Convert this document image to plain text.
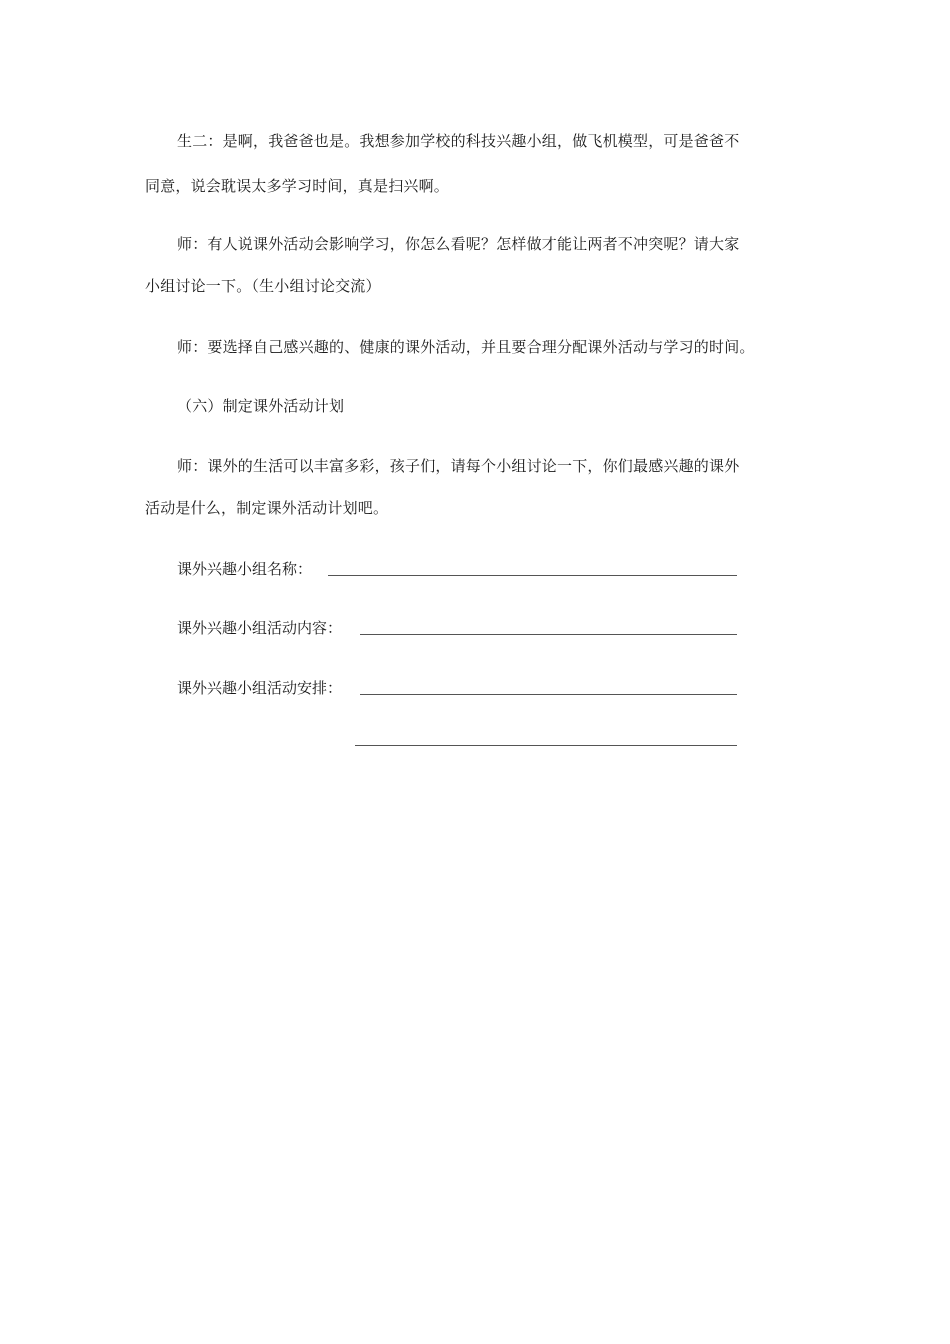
生二：是啊，我爸爸也是。我想参加学校的科技兴趣小组，做飞机模型，可是爸爸不
同意，说会耽误太多学习时间，真是扫兴啊。
师：有人说课外活动会影响学习，你怎么看呢？怎样做才能让两者不冲突呢？请大家
小组讨论一下。（生小组讨论交流）
师：要选择自己感兴趣的、健康的课外活动，并且要合理分配课外活动与学习的时间。
（六）制定课外活动计划
师：课外的生活可以丰富多彩，孩子们，请每个小组讨论一下，你们最感兴趣的课外
活动是什么，制定课外活动计划吧。
课外兴趣小组名称：
课外兴趣小组活动内容：
课外兴趣小组活动安排：
